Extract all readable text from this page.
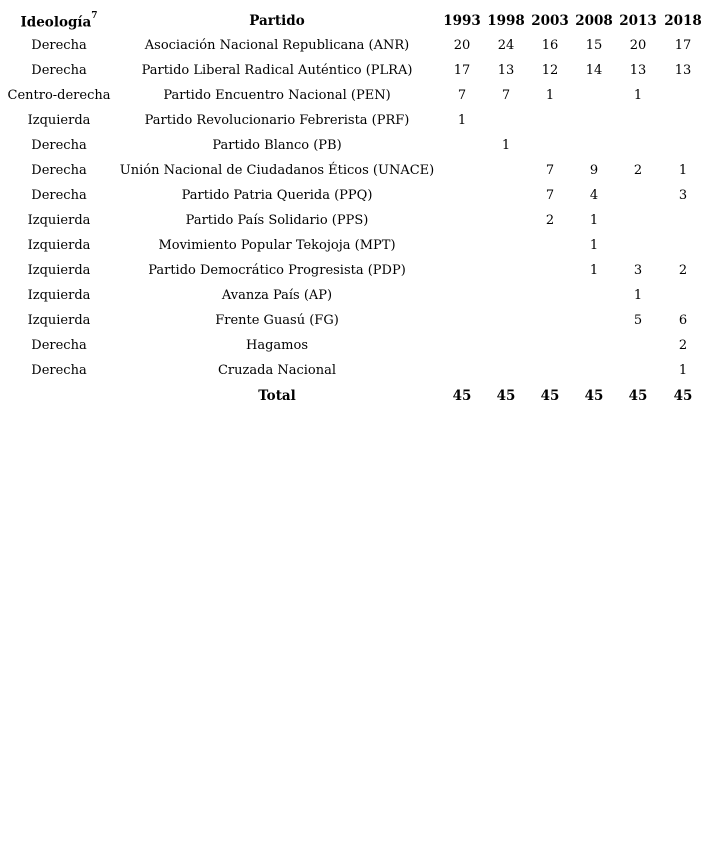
Ideología$^7$	Partido	1993	1998	2003	2008	2013	2018
Derecha	Asociación Nacional Republicana (ANR)	20	24	16	15	20	17
Derecha	Partido Liberal Radical Auténtico (PLRA)	17	13	12	14	13	13
Centro-derecha	Partido Encuentro Nacional (PEN)	7	7	1		1	
Izquierda	Partido Revolucionario Febrerista (PRF)	1					
Derecha	Partido Blanco (PB)		1				
Derecha	Unión Nacional de Ciudadanos Éticos (UNACE)			7	9	2	1
Derecha	Partido Patria Querida (PPQ)			7	4		3
Izquierda	Partido País Solidario (PPS)			2	1		
Izquierda	Movimiento Popular Tekojoja (MPT)				1		
Izquierda	Partido Democrático Progresista (PDP)				1	3	2
Izquierda	Avanza País (AP)					1	
Izquierda	Frente Guasú (FG)					5	6
Derecha	Hagamos						2
Derecha	Cruzada Nacional						1
	Total	45	45	45	45	45	45
